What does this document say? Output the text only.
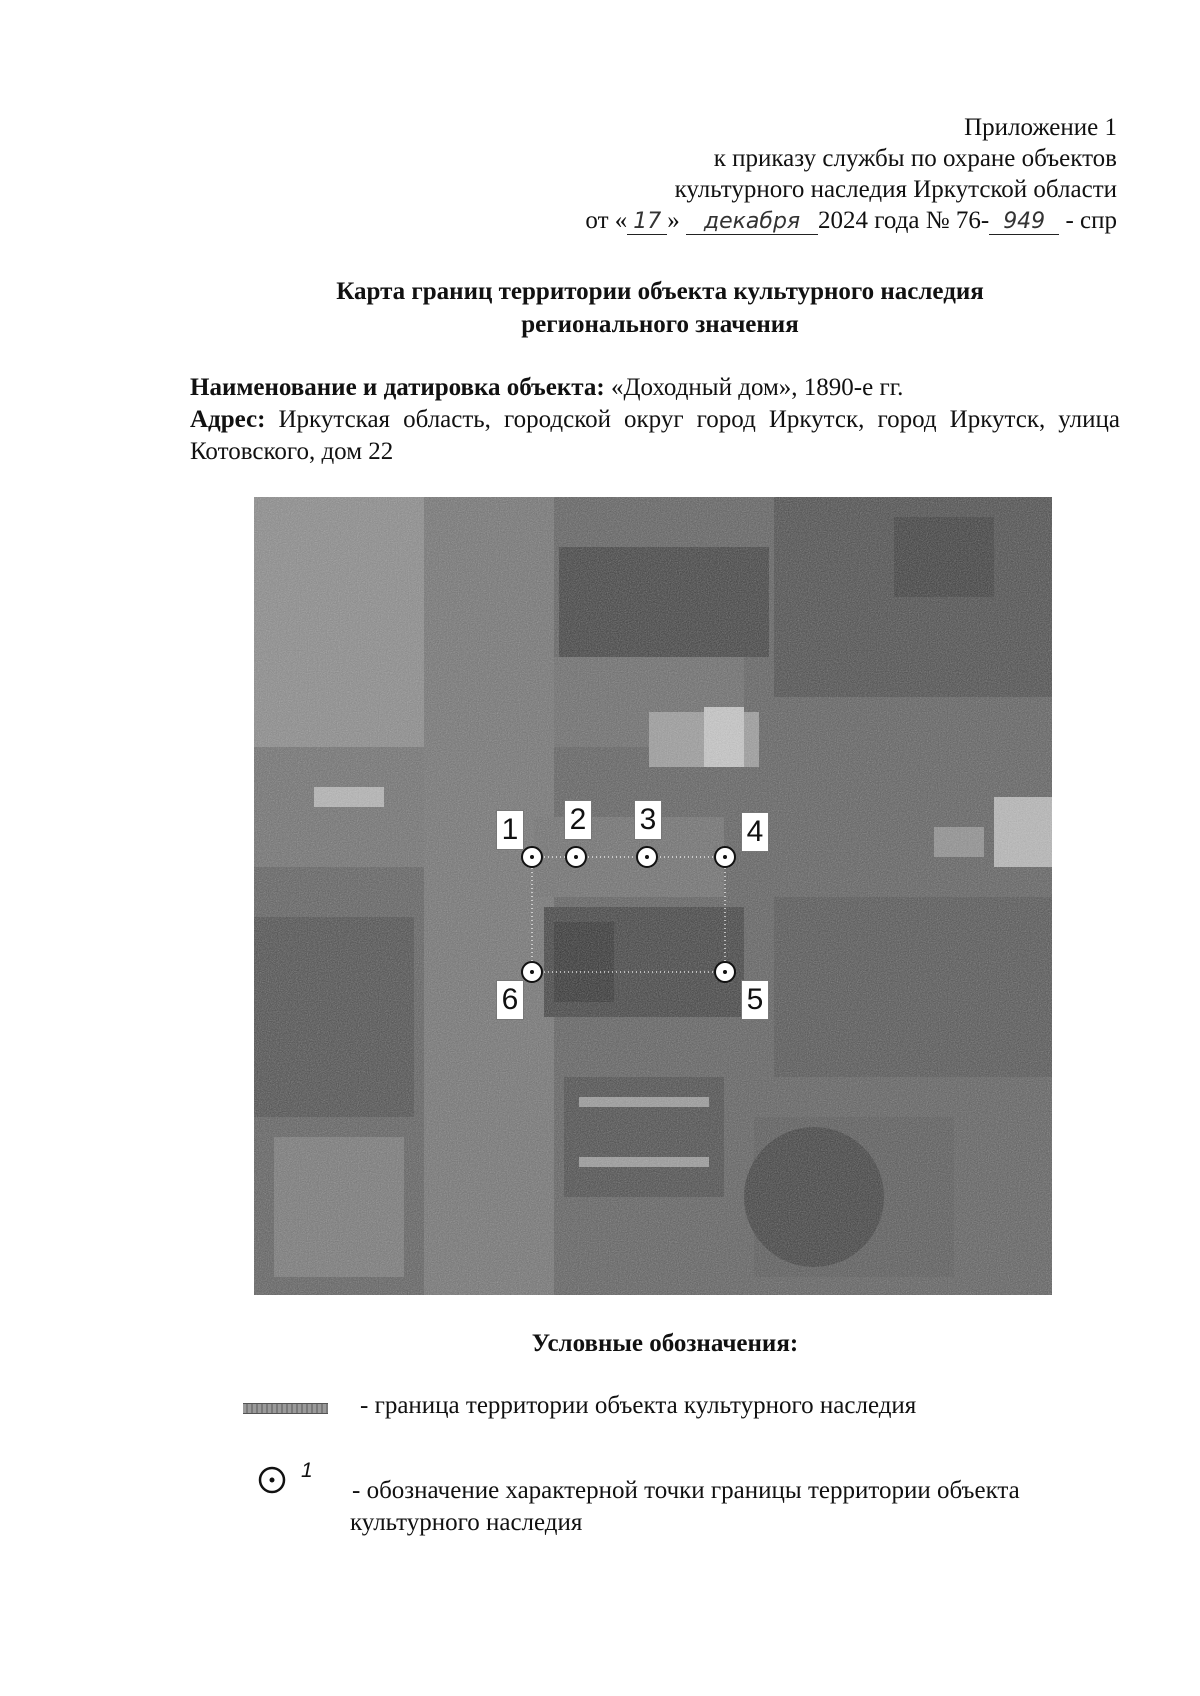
Приложение 1
к приказу службы по охране объектов
культурного наследия Иркутской области
от « 17 » декабря 2024 года № 76- 949 - спр
Карта границ территории объекта культурного наследия
регионального значения
Наименование и датировка объекта: «Доходный дом», 1890-е гг.
Адрес: Иркутская область, городской округ город Иркутск, город Иркутск, улица Котовского, дом 22
1 2 3	4
5
6
Условные обозначения:
- граница территории объекта культурного наследия
1
- обозначение характерной точки границы территории объекта
культурного наследия
